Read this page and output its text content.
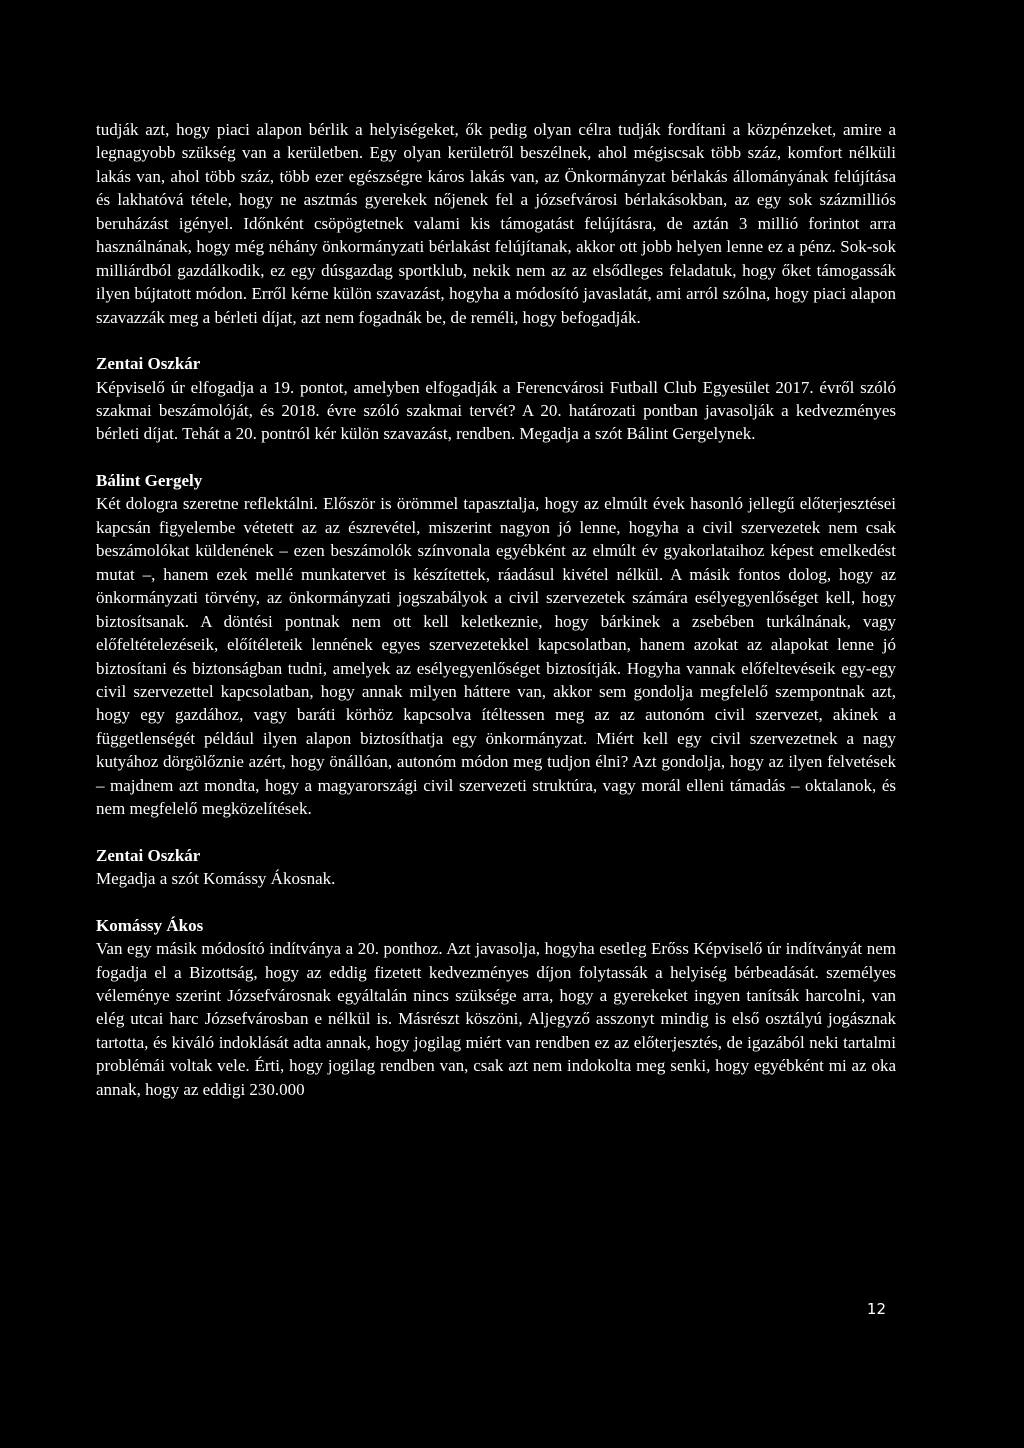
tudják azt, hogy piaci alapon bérlik a helyiségeket, ők pedig olyan célra tudják fordítani a közpénzeket, amire a legnagyobb szükség van a kerületben. Egy olyan kerületről beszélnek, ahol mégiscsak több száz, komfort nélküli lakás van, ahol több száz, több ezer egészségre káros lakás van, az Önkormányzat bérlakás állományának felújítása és lakhatóvá tétele, hogy ne asztmás gyerekek nőjenek fel a józsefvárosi bérlakásokban, az egy sok százmilliós beruházást igényel. Időnként csöpögtetnek valami kis támogatást felújításra, de aztán 3 millió forintot arra használnának, hogy még néhány önkormányzati bérlakást felújítanak, akkor ott jobb helyen lenne ez a pénz. Sok-sok milliárdból gazdálkodik, ez egy dúsgazdag sportklub, nekik nem az az elsődleges feladatuk, hogy őket támogassák ilyen bújtatott módon. Erről kérne külön szavazást, hogyha a módosító javaslatát, ami arról szólna, hogy piaci alapon szavazzák meg a bérleti díjat, azt nem fogadnák be, de reméli, hogy befogadják.

Zentai Oszkár

Képviselő úr elfogadja a 19. pontot, amelyben elfogadják a Ferencvárosi Futball Club Egyesület 2017. évről szóló szakmai beszámolóját, és 2018. évre szóló szakmai tervét? A 20. határozati pontban javasolják a kedvezményes bérleti díjat. Tehát a 20. pontról kér külön szavazást, rendben. Megadja a szót Bálint Gergelynek.

Bálint Gergely

Két dologra szeretne reflektálni. Először is örömmel tapasztalja, hogy az elmúlt évek hasonló jellegű előterjesztései kapcsán figyelembe vétetett az az észrevétel, miszerint nagyon jó lenne, hogyha a civil szervezetek nem csak beszámolókat küldenének – ezen beszámolók színvonala egyébként az elmúlt év gyakorlataihoz képest emelkedést mutat –, hanem ezek mellé munkatervet is készítettek, ráadásul kivétel nélkül. A másik fontos dolog, hogy az önkormányzati törvény, az önkormányzati jogszabályok a civil szervezetek számára esélyegyenlőséget kell, hogy biztosítsanak. A döntési pontnak nem ott kell keletkeznie, hogy bárkinek a zsebében turkálnának, vagy előfeltételezéseik, előítéleteik lennének egyes szervezetekkel kapcsolatban, hanem azokat az alapokat lenne jó biztosítani és biztonságban tudni, amelyek az esélyegyenlőséget biztosítják. Hogyha vannak előfeltevéseik egy-egy civil szervezettel kapcsolatban, hogy annak milyen háttere van, akkor sem gondolja megfelelő szempontnak azt, hogy egy gazdához, vagy baráti körhöz kapcsolva ítéltessen meg az az autonóm civil szervezet, akinek a függetlenségét például ilyen alapon biztosíthatja egy önkormányzat. Miért kell egy civil szervezetnek a nagy kutyához dörgölőznie azért, hogy önállóan, autonóm módon meg tudjon élni? Azt gondolja, hogy az ilyen felvetések – majdnem azt mondta, hogy a magyarországi civil szervezeti struktúra, vagy morál elleni támadás – oktalanok, és nem megfelelő megközelítések.

Zentai Oszkár

Megadja a szót Komássy Ákosnak.

Komássy Ákos

Van egy másik módosító indítványa a 20. ponthoz. Azt javasolja, hogyha esetleg Erőss Képviselő úr indítványát nem fogadja el a Bizottság, hogy az eddig fizetett kedvezményes díjon folytassák a helyiség bérbeadását. személyes véleménye szerint Józsefvárosnak egyáltalán nincs szüksége arra, hogy a gyerekeket ingyen tanítsák harcolni, van elég utcai harc Józsefvárosban e nélkül is. Másrészt köszöni, Aljegyző asszonyt mindig is első osztályú jogásznak tartotta, és kiváló indoklását adta annak, hogy jogilag miért van rendben ez az előterjesztés, de igazából neki tartalmi problémái voltak vele. Érti, hogy jogilag rendben van, csak azt nem indokolta meg senki, hogy egyébként mi az oka annak, hogy az eddigi 230.000

12
